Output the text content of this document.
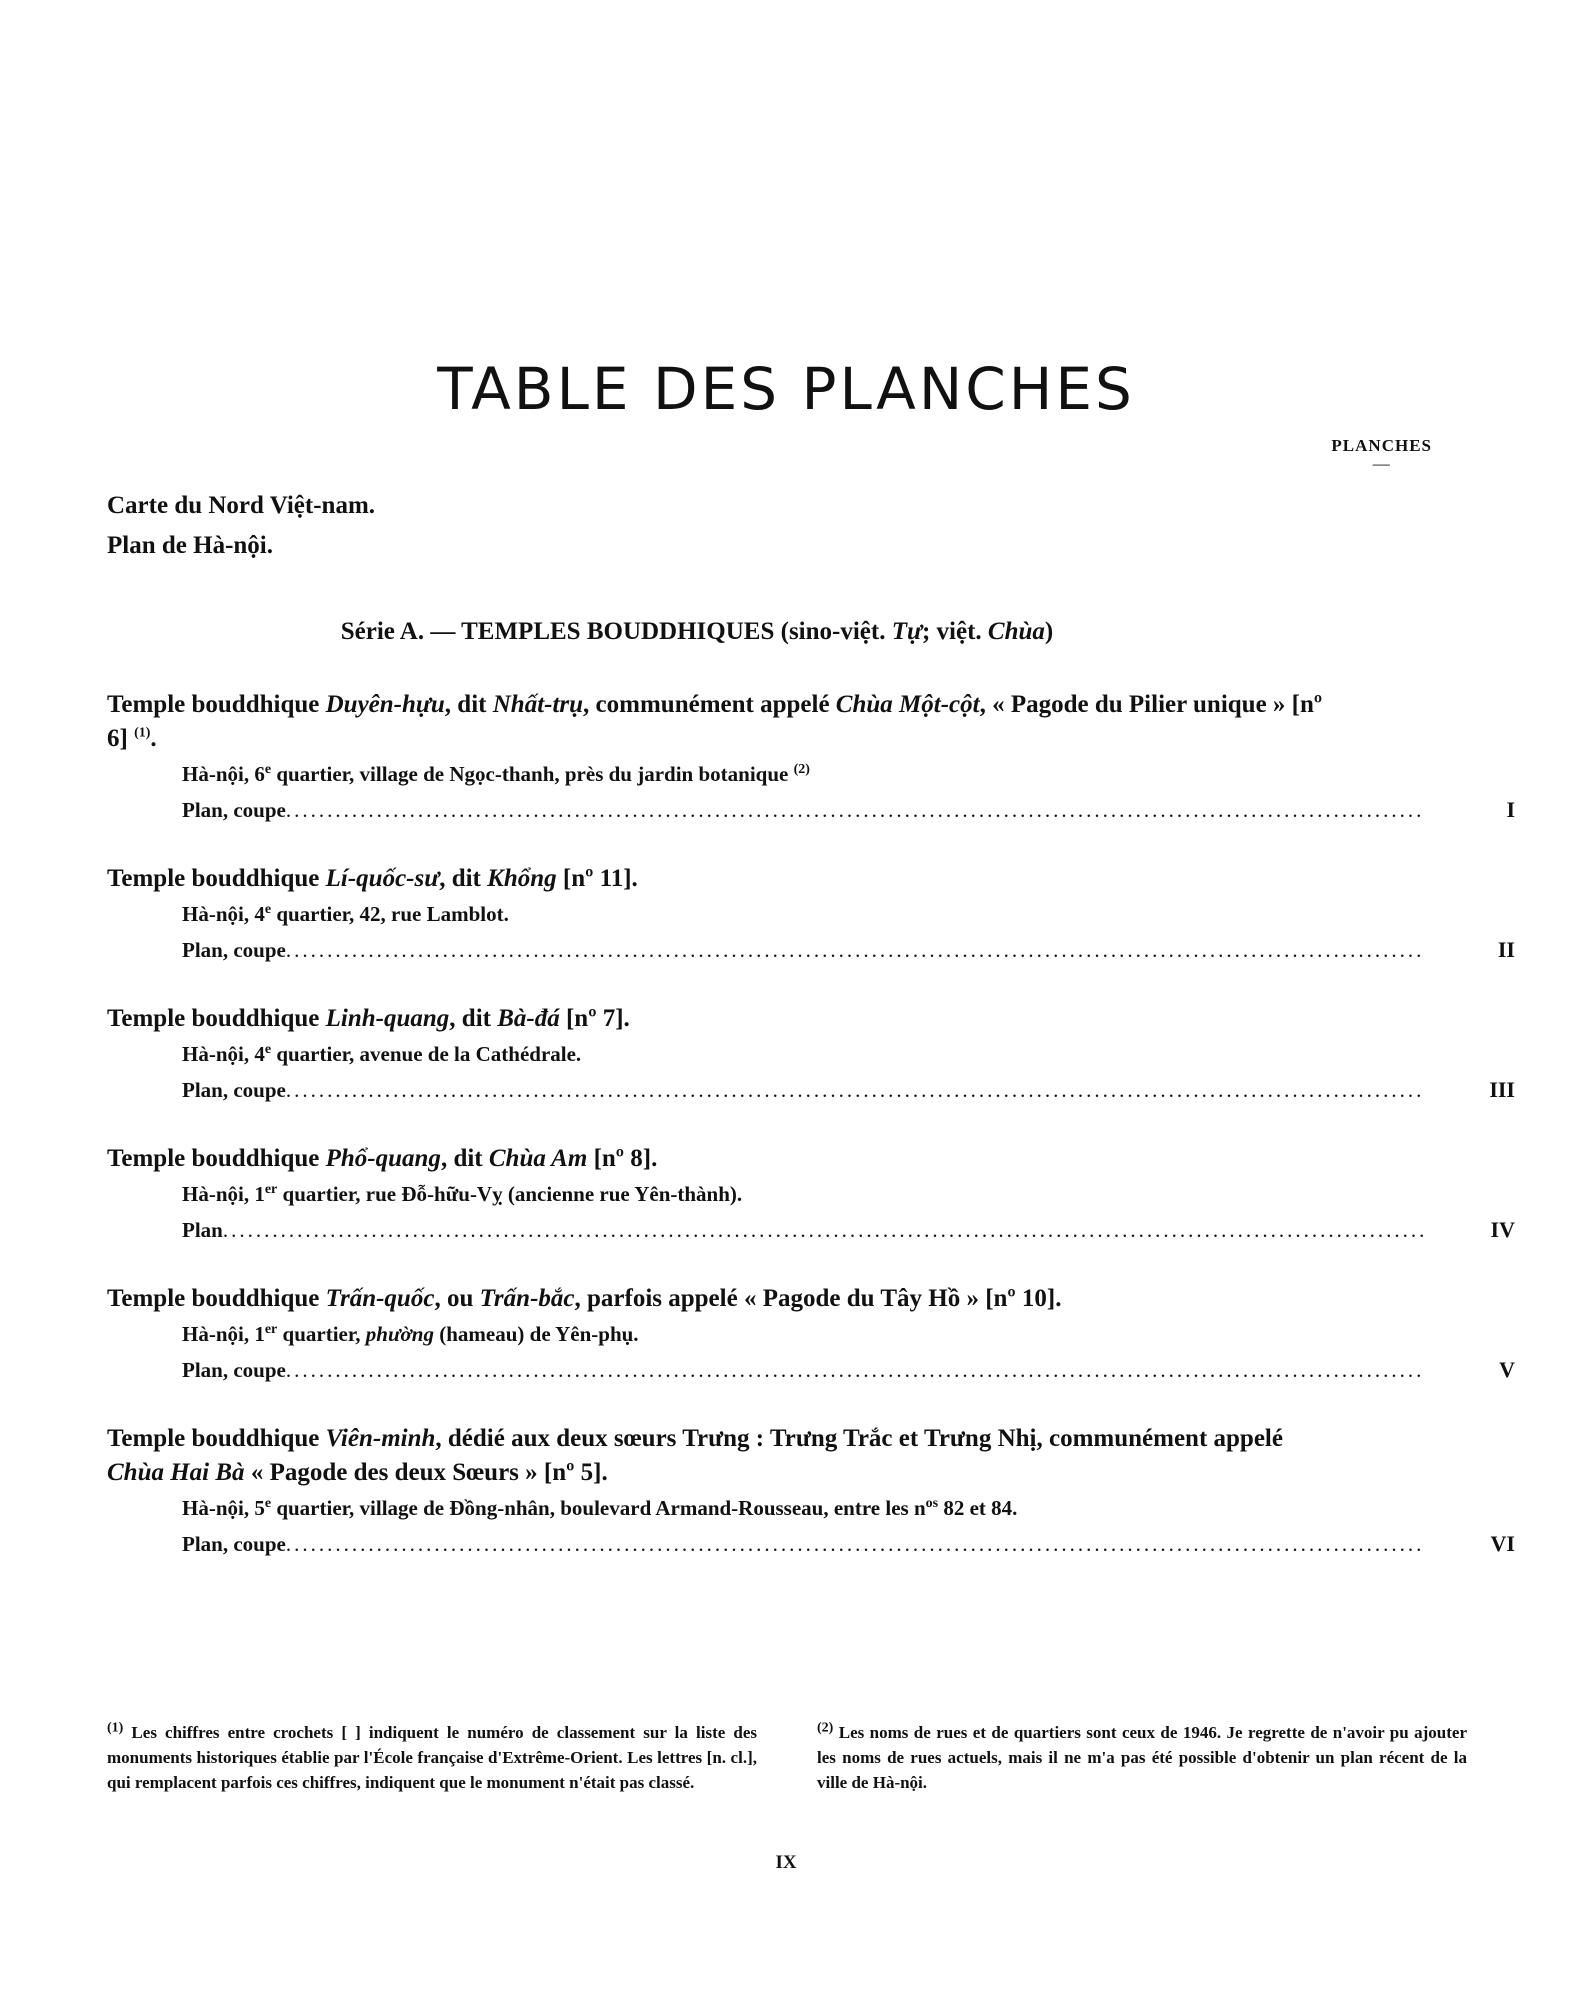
TABLE DES PLANCHES
PLANCHES
—
Carte du Nord Việt-nam.
Plan de Hà-nội.
Série A. — TEMPLES BOUDDHIQUES (sino-việt. Tự; việt. Chùa)
Temple bouddhique Duyên-hựu, dit Nhất-trụ, communément appelé Chùa Một-cột, « Pagode du Pilier unique » [nº 6] $^{(1)}$.
Hà-nội, 6e quartier, village de Ngọc-thanh, près du jardin botanique $^{(2)}$
Plan, coupe .....	I
Temple bouddhique Lí-quốc-sư, dit Khổng [nº 11].
Hà-nội, 4e quartier, 42, rue Lamblot.
Plan, coupe .....	II
Temple bouddhique Linh-quang, dit Bà-đá [nº 7].
Hà-nội, 4e quartier, avenue de la Cathédrale.
Plan, coupe .....	III
Temple bouddhique Phổ-quang, dit Chùa Am [nº 8].
Hà-nội, 1er quartier, rue Đỗ-hữu-Vỵ (ancienne rue Yên-thành).
Plan .....	IV
Temple bouddhique Trấn-quốc, ou Trấn-bắc, parfois appelé « Pagode du Tây Hồ » [nº 10].
Hà-nội, 1er quartier, phường (hameau) de Yên-phụ.
Plan, coupe .....	V
Temple bouddhique Viên-minh, dédié aux deux sœurs Trưng : Trưng Trắc et Trưng Nhị, communément appelé Chùa Hai Bà « Pagode des deux Sœurs » [nº 5].
Hà-nội, 5e quartier, village de Đồng-nhân, boulevard Armand-Rousseau, entre les $n^{os}$ 82 et 84.
Plan, coupe .....	VI
$^{(1)}$ Les chiffres entre crochets [ ] indiquent le numéro de classement sur la liste des monuments historiques établie par l'École française d'Extrême-Orient. Les lettres [n. cl.], qui remplacent parfois ces chiffres, indiquent que le monument n'était pas classé.
$^{(2)}$ Les noms de rues et de quartiers sont ceux de 1946. Je regrette de n'avoir pu ajouter les noms de rues actuels, mais il ne m'a pas été possible d'obtenir un plan récent de la ville de Hà-nội.
IX
